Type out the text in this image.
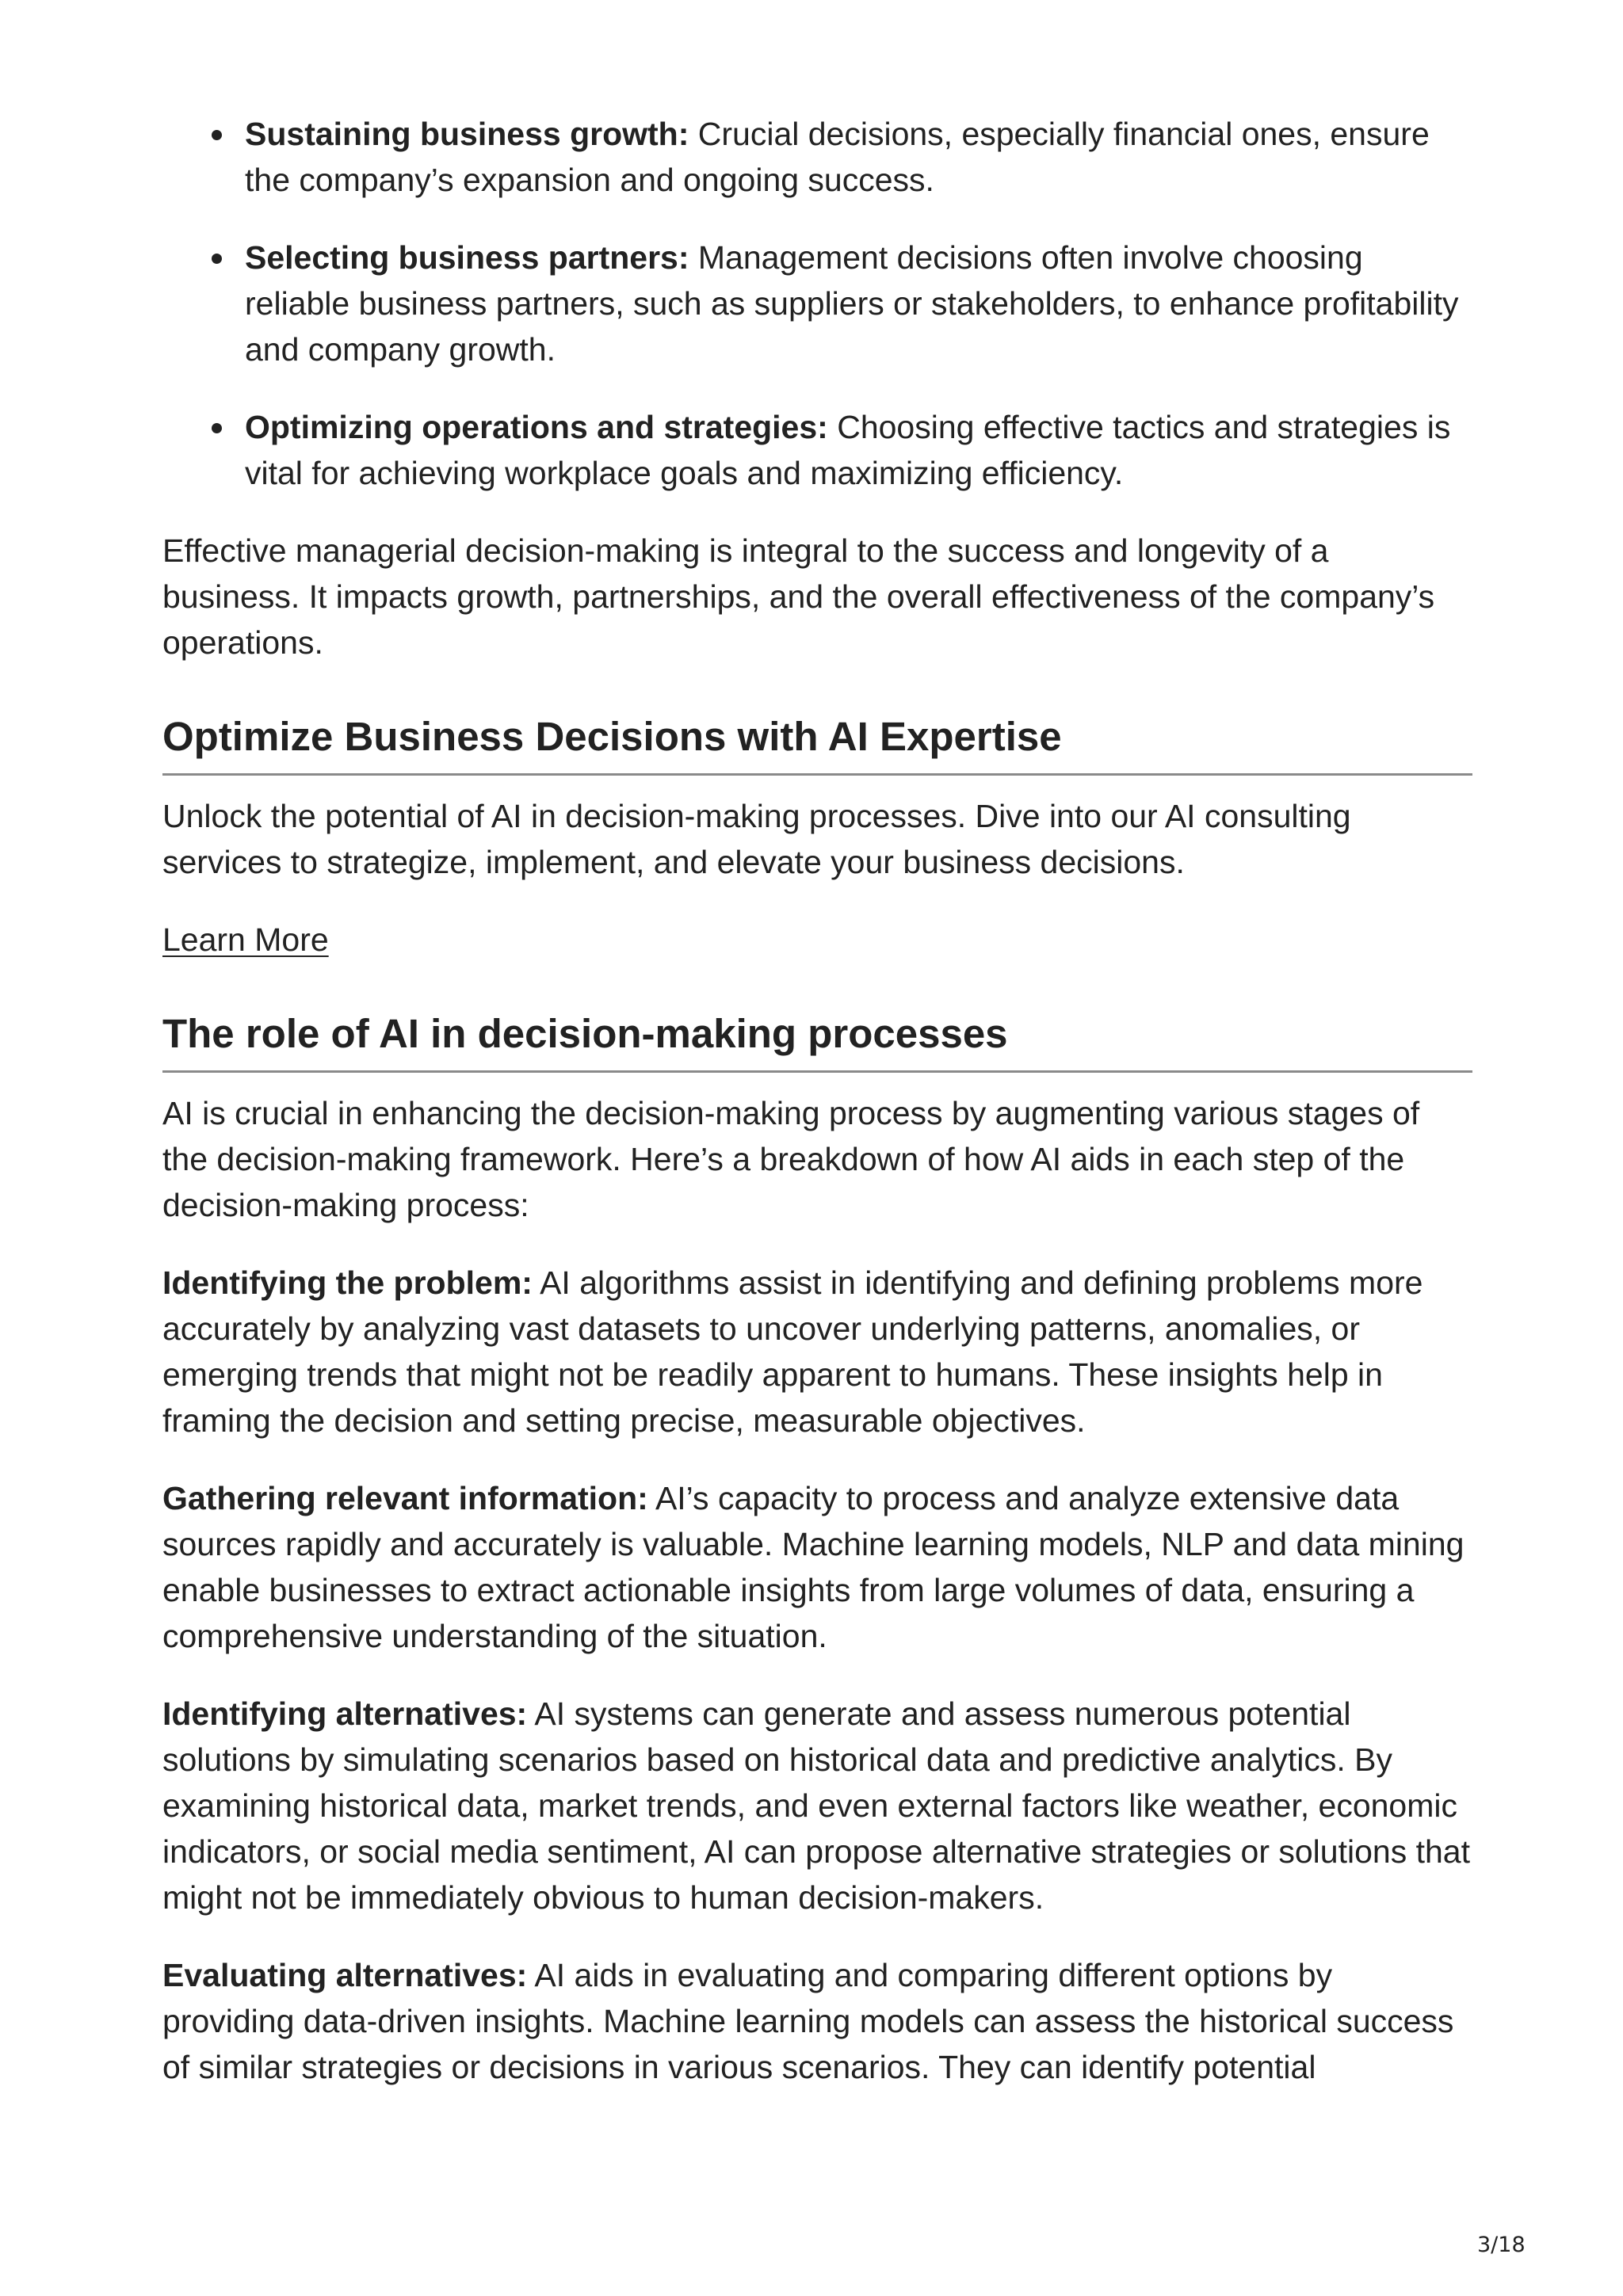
Sustaining business growth: Crucial decisions, especially financial ones, ensure the company’s expansion and ongoing success.
Selecting business partners: Management decisions often involve choosing reliable business partners, such as suppliers or stakeholders, to enhance profitability and company growth.
Optimizing operations and strategies: Choosing effective tactics and strategies is vital for achieving workplace goals and maximizing efficiency.

Effective managerial decision-making is integral to the success and longevity of a business. It impacts growth, partnerships, and the overall effectiveness of the company’s operations.

Optimize Business Decisions with AI Expertise

Unlock the potential of AI in decision-making processes. Dive into our AI consulting services to strategize, implement, and elevate your business decisions.

Learn More

The role of AI in decision-making processes

AI is crucial in enhancing the decision-making process by augmenting various stages of the decision-making framework. Here’s a breakdown of how AI aids in each step of the decision-making process:

Identifying the problem: AI algorithms assist in identifying and defining problems more accurately by analyzing vast datasets to uncover underlying patterns, anomalies, or emerging trends that might not be readily apparent to humans. These insights help in framing the decision and setting precise, measurable objectives.

Gathering relevant information: AI’s capacity to process and analyze extensive data sources rapidly and accurately is valuable. Machine learning models, NLP and data mining enable businesses to extract actionable insights from large volumes of data, ensuring a comprehensive understanding of the situation.

Identifying alternatives: AI systems can generate and assess numerous potential solutions by simulating scenarios based on historical data and predictive analytics. By examining historical data, market trends, and even external factors like weather, economic indicators, or social media sentiment, AI can propose alternative strategies or solutions that might not be immediately obvious to human decision-makers.

Evaluating alternatives: AI aids in evaluating and comparing different options by providing data-driven insights. Machine learning models can assess the historical success of similar strategies or decisions in various scenarios. They can identify potential

3/18
